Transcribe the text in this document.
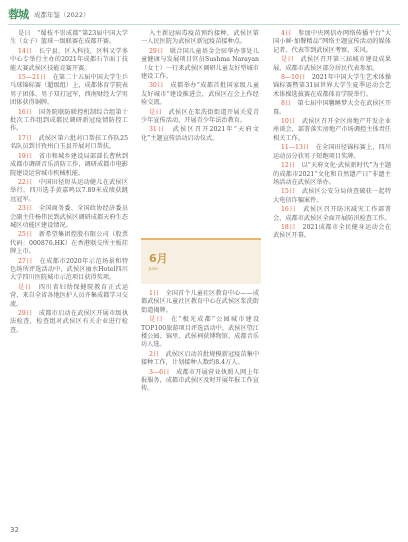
蓉城 成都年鉴（2022）

是日　“蜀枝不崇成都”第23届中国大学生（女子）篮球一级联赛在成都开赛。

14日　 长宁县、区入科技，区科又学多中心专举行主办的2021年成都石节面丁技能大赛武侯区技能竞赛开赛。

15—21日　 在第二十五届中国大学生乒乓球锦标赛（超级组）上，成都体育学院表男子团体、男子双打冠军，西南财经大学男团体获得铜牌。

16日　 国务院联防联控机制综合组第十批次工作组到成都民调研新冠疫情防控工作。

17日　 武侯区第六批对口帮扶工作队25名队员到甘孜州白玉县开展对口帮扶。

19日　 省市和城乡建设局部部长曹秋到成都市调研音乐消防工作，调研成都市电影院建设运营城市机械机能。

22日　 中国田径短头运动健儿在武侯区举行，四川选手黄嘉鸣以7.89米成绩获跳远冠军。

23日　 全国商务委、全国政协经济委员会副主任杨伟民到武侯区调研成都天府生态城区功能区建设情况。

25日　 新希望集团控股有限公司（股票代码：000876.HK）在香港联交所主板挂牌上市。

27日　 在成都市2020年示范场景和特色场所评选活动中，武侯区丽水Hotel四川大学四川医院城市示范项目获得奖项。

是日　 四川省妇幼保健院教育正式运营，来自全省各地医护人员齐集成都学习交流。

29日　 成都市启动在武侯区开展市级执法检查，检查组对武侯区有关企业进行检查。

入主新冠病毒疫苗预约接种，武侯区第一人民医院为武侯区新冠疫苗接种点。

29日　 联合国儿童基金会驻华办事处儿童健康与发展项目官员Sushma Narayan（女士）一行来武侯区调研儿童友好型城市建设工作。

30日　 成都举办“成都首批国家级儿童友好城市”建设推进会，武侯区在会上作经验交流。

是日　 武侯区在浆洗街街道开展关爱青少年宣传活动，开展青少年法治教育。

31日　 武侯区召开2021年“天府文化”主题宣传活动启动仪式。

6月
June

1日　 全国首个儿童社区教育中心——成都武侯区儿童社区教育中心在武侯区浆洗街街道揭牌。

是日　 在“极光成都”公园城市建设TOP100旅游项目评选活动中，武侯区望江楼公园、锦里、武侯祠获博物馆、成都音乐坊人选。

2日　 武侯区启动首批规模新冠疫苗集中接种工作，计划接种人数约8.4万人。

3—6日　 成都市开展营业执照人网上年报服务，成都市武侯区及时开展年报工作宣传。

4日　 参加中央网信办网络传播平台“大国小鲜·加餐精品”网络主题宣传活动的媒体记者、代表等到武侯区考察、采风。

是日　 武侯区召开第三届城市建设成果展，成都市武侯区部分居民代表参加。

8—10日　 2021年中国大学生艺术体操锦标赛暨第31届世界大学生夏季运动会艺术体操选拔赛在成都体育学院举行。

8日　 第七届中国馨睡梦大会在武侯区开幕。

10日　 武侯区召开全区房地产开发企业座谈会，部署落实房地产市场调控主体责任相关工作。

11—13日　 在全国田径锦标赛上，四川运动员分获男子短跑项目奖牌。

12日　 以“天府文化·武侯新时代”为主题的成都市2021“文化和自然遗产日”非遗主场活动在武侯区举办。

15日　 武侯区公安分局侦查破获一起特大电信诈骗案件。

16日　 武侯区召开防汛减灾工作部署会，成都市武侯区全面开展防汛检查工作。

18日　 2021成都市全民健身运动会在武侯区开幕。

32
